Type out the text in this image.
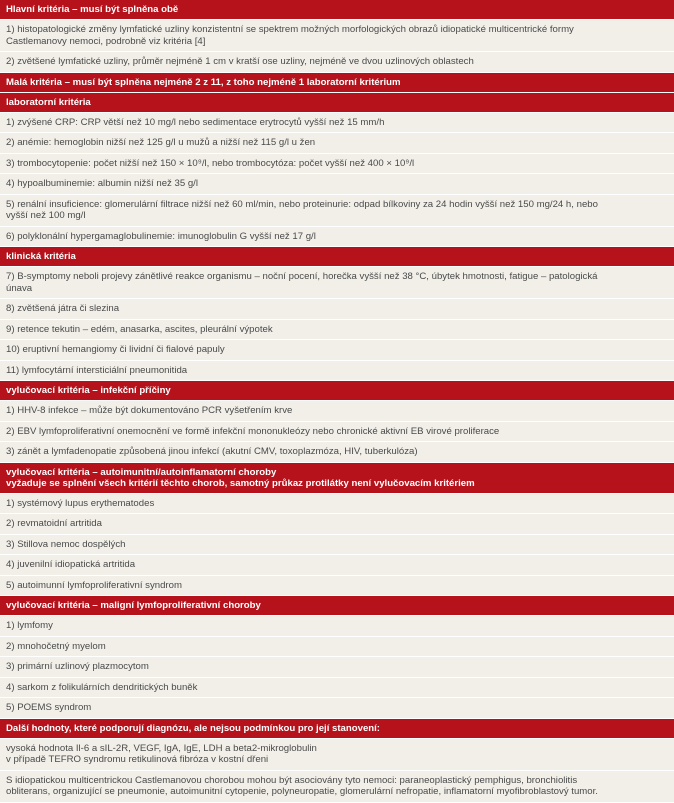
Hlavní kritéria – musí být splněna obě
1) histopatologické změny lymfatické uzliny konzistentní se spektrem možných morfologických obrazů idiopatické multicentrické formy
Castlemanovy nemoci, podrobně viz kritéria [4]
2) zvětšené lymfatické uzliny, průměr nejméně 1 cm v kratší ose uzliny, nejméně ve dvou uzlinových oblastech
Malá kritéria – musí být splněna nejméně 2 z 11, z toho nejméně 1 laboratorní kritérium
laboratorní kritéria
1) zvýšené CRP: CRP větší než 10 mg/l nebo sedimentace erytrocytů vyšší než 15 mm/h
2) anémie: hemoglobin nižší než 125 g/l u mužů a nižší než 115 g/l u žen
3) trombocytopenie: počet nižší než 150 × 10⁹/l, nebo trombocytóza: počet vyšší než 400 × 10⁹/l
4) hypoalbuminemie: albumin nižší než 35 g/l
5) renální insuficience: glomerulární filtrace nižší než 60 ml/min, nebo proteinurie: odpad bílkoviny za 24 hodin vyšší než 150 mg/24 h, nebo
vyšší než 100 mg/l
6) polyklonální hypergamaglobulinemie: imunoglobulin G vyšší než 17 g/l
klinická kritéria
7) B-symptomy neboli projevy zánětlivé reakce organismu – noční pocení, horečka vyšší než 38 °C, úbytek hmotnosti, fatigue – patologická
únava
8) zvětšená játra či slezina
9) retence tekutin – edém, anasarka, ascites, pleurální výpotek
10) eruptivní hemangiomy či lividní či fialové papuly
11) lymfocytární intersticiální pneumonitida
vylučovací kritéria – infekční příčiny
1) HHV-8 infekce – může být dokumentováno PCR vyšetřením krve
2) EBV lymfoproliferativní onemocnění ve formě infekční mononukleózy nebo chronické aktivní EB virové proliferace
3) zánět a lymfadenopatie způsobená jinou infekcí (akutní CMV, toxoplazmóza, HIV, tuberkulóza)
vylučovací kritéria – autoimunitní/autoinflamatorní choroby
vyžaduje se splnění všech kritérií těchto chorob, samotný průkaz protilátky není vylučovacím kritériem
1) systémový lupus erythematodes
2) revmatoidní artritida
3) Stillova nemoc dospělých
4) juvenilní idiopatická artritida
5) autoimunní lymfoproliferativní syndrom
vylučovací kritéria – maligní lymfoproliferativní choroby
1) lymfomy
2) mnohočetný myelom
3) primární uzlinový plazmocytom
4) sarkom z folikulárních dendritických buněk
5) POEMS syndrom
Další hodnoty, které podporují diagnózu, ale nejsou podmínkou pro její stanovení:
vysoká hodnota Il-6 a sIL-2R, VEGF, IgA, IgE, LDH a beta2-mikroglobulin
v případě TEFRO syndromu retikulinová fibróza v kostní dřeni
S idiopatickou multicentrickou Castlemanovou chorobou mohou být asociovány tyto nemoci: paraneoplastický pemphigus, bronchiolitis
obliterans, organizující se pneumonie, autoimunitní cytopenie, polyneuropatie, glomerulární nefropatie, inflamatorní myofibroblastový tumor.
